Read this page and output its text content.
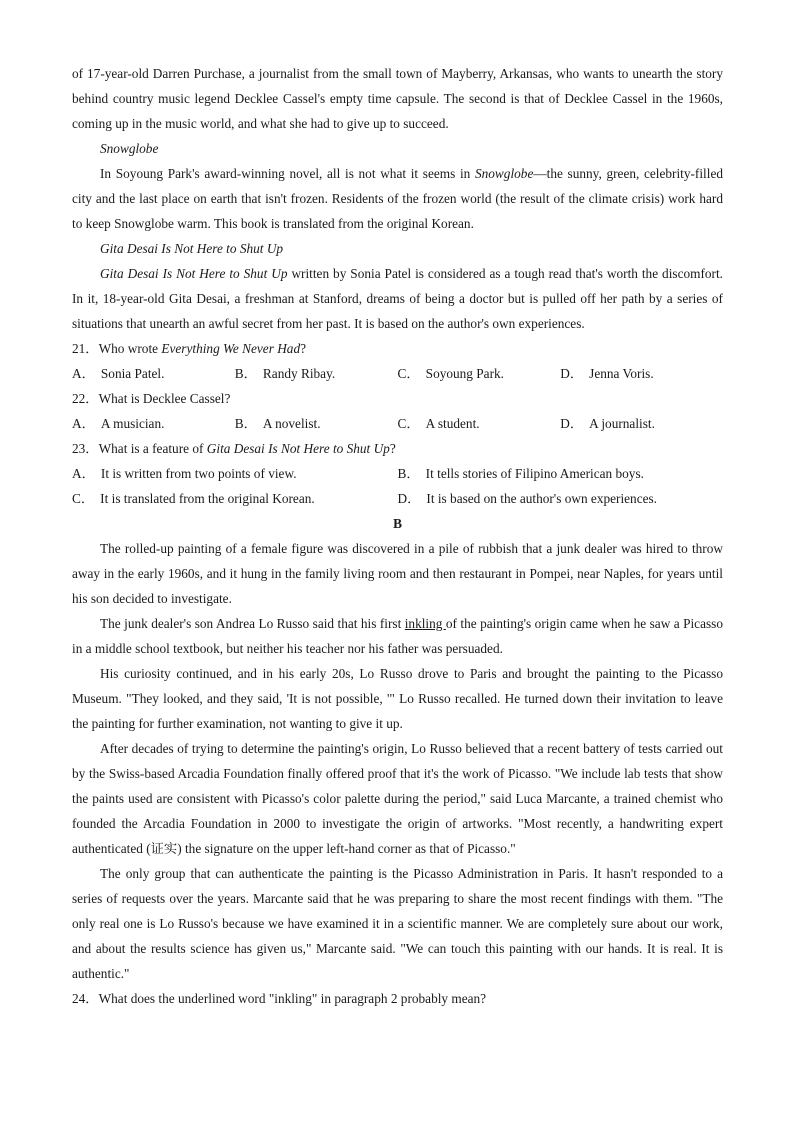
of 17-year-old Darren Purchase, a journalist from the small town of Mayberry, Arkansas, who wants to unearth the story behind country music legend Decklee Cassel's empty time capsule. The second is that of Decklee Cassel in the 1960s, coming up in the music world, and what she had to give up to succeed.

Snowglobe

In Soyoung Park's award-winning novel, all is not what it seems in Snowglobe—the sunny, green, celebrity-filled city and the last place on earth that isn't frozen. Residents of the frozen world (the result of the climate crisis) work hard to keep Snowglobe warm. This book is translated from the original Korean.

Gita Desai Is Not Here to Shut Up

Gita Desai Is Not Here to Shut Up written by Sonia Patel is considered as a tough read that's worth the discomfort. In it, 18-year-old Gita Desai, a freshman at Stanford, dreams of being a doctor but is pulled off her path by a series of situations that unearth an awful secret from her past. It is based on the author's own experiences.

21．Who wrote Everything We Never Had?

A． Sonia Patel.	B． Randy Ribay.	C． Soyoung Park.	D． Jenna Voris.

22．What is Decklee Cassel?

A． A musician.	B． A novelist.	C． A student.	D． A journalist.

23．What is a feature of Gita Desai Is Not Here to Shut Up?

A． It is written from two points of view.	B． It tells stories of Filipino American boys.
C． It is translated from the original Korean.	D． It is based on the author's own experiences.

B

The rolled-up painting of a female figure was discovered in a pile of rubbish that a junk dealer was hired to throw away in the early 1960s, and it hung in the family living room and then restaurant in Pompei, near Naples, for years until his son decided to investigate.

The junk dealer's son Andrea Lo Russo said that his first inkling of the painting's origin came when he saw a Picasso in a middle school textbook, but neither his teacher nor his father was persuaded.

His curiosity continued, and in his early 20s, Lo Russo drove to Paris and brought the painting to the Picasso Museum. "They looked, and they said, 'It is not possible, '" Lo Russo recalled. He turned down their invitation to leave the painting for further examination, not wanting to give it up.

After decades of trying to determine the painting's origin, Lo Russo believed that a recent battery of tests carried out by the Swiss-based Arcadia Foundation finally offered proof that it's the work of Picasso. "We include lab tests that show the paints used are consistent with Picasso's color palette during the period," said Luca Marcante, a trained chemist who founded the Arcadia Foundation in 2000 to investigate the origin of artworks. "Most recently, a handwriting expert authenticated (证实) the signature on the upper left-hand corner as that of Picasso."

The only group that can authenticate the painting is the Picasso Administration in Paris. It hasn't responded to a series of requests over the years. Marcante said that he was preparing to share the most recent findings with them. "The only real one is Lo Russo's because we have examined it in a scientific manner. We are completely sure about our work, and about the results science has given us," Marcante said. "We can touch this painting with our hands. It is real. It is authentic."

24．What does the underlined word "inkling" in paragraph 2 probably mean?
